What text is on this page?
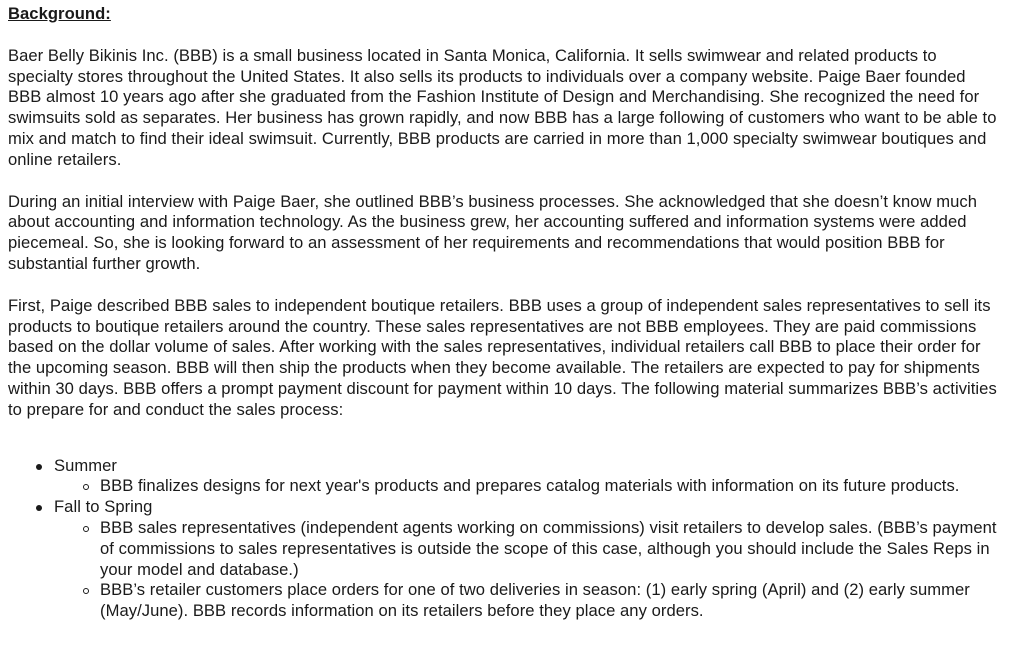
Background:
Baer Belly Bikinis Inc. (BBB) is a small business located in Santa Monica, California. It sells swimwear and related products to specialty stores throughout the United States. It also sells its products to individuals over a company website. Paige Baer founded BBB almost 10 years ago after she graduated from the Fashion Institute of Design and Merchandising. She recognized the need for swimsuits sold as separates. Her business has grown rapidly, and now BBB has a large following of customers who want to be able to mix and match to find their ideal swimsuit. Currently, BBB products are carried in more than 1,000 specialty swimwear boutiques and online retailers.
During an initial interview with Paige Baer, she outlined BBB’s business processes. She acknowledged that she doesn’t know much about accounting and information technology. As the business grew, her accounting suffered and information systems were added piecemeal. So, she is looking forward to an assessment of her requirements and recommendations that would position BBB for substantial further growth.
First, Paige described BBB sales to independent boutique retailers. BBB uses a group of independent sales representatives to sell its products to boutique retailers around the country. These sales representatives are not BBB employees. They are paid commissions based on the dollar volume of sales. After working with the sales representatives, individual retailers call BBB to place their order for the upcoming season. BBB will then ship the products when they become available. The retailers are expected to pay for shipments within 30 days. BBB offers a prompt payment discount for payment within 10 days. The following material summarizes BBB’s activities to prepare for and conduct the sales process:
Summer
BBB finalizes designs for next year's products and prepares catalog materials with information on its future products.
Fall to Spring
BBB sales representatives (independent agents working on commissions) visit retailers to develop sales. (BBB’s payment of commissions to sales representatives is outside the scope of this case, although you should include the Sales Reps in your model and database.)
BBB’s retailer customers place orders for one of two deliveries in season: (1) early spring (April) and (2) early summer (May/June). BBB records information on its retailers before they place any orders.
